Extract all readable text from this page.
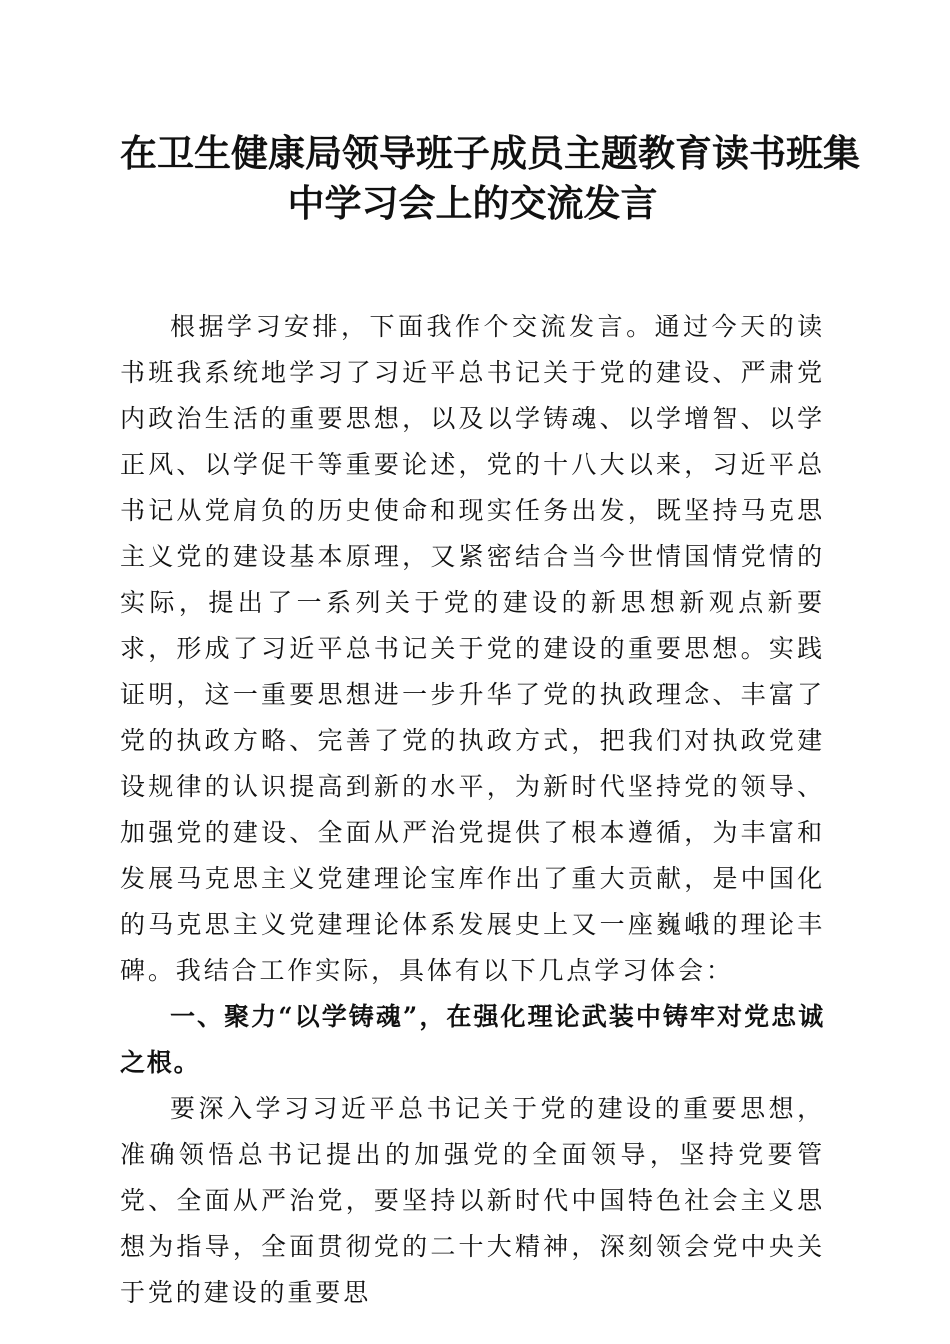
在卫生健康局领导班子成员主题教育读书班集
中学习会上的交流发言

根据学习安排，下面我作个交流发言。通过今天的读书班我系统地学习了习近平总书记关于党的建设、严肃党内政治生活的重要思想，以及以学铸魂、以学增智、以学正风、以学促干等重要论述，党的十八大以来，习近平总书记从党肩负的历史使命和现实任务出发，既坚持马克思主义党的建设基本原理，又紧密结合当今世情国情党情的实际，提出了一系列关于党的建设的新思想新观点新要求，形成了习近平总书记关于党的建设的重要思想。实践证明，这一重要思想进一步升华了党的执政理念、丰富了党的执政方略、完善了党的执政方式，把我们对执政党建设规律的认识提高到新的水平，为新时代坚持党的领导、加强党的建设、全面从严治党提供了根本遵循，为丰富和发展马克思主义党建理论宝库作出了重大贡献，是中国化的马克思主义党建理论体系发展史上又一座巍峨的理论丰碑。我结合工作实际，具体有以下几点学习体会：

一、聚力“以学铸魂”，在强化理论武装中铸牢对党忠诚之根。

要深入学习习近平总书记关于党的建设的重要思想，准确领悟总书记提出的加强党的全面领导，坚持党要管党、全面从严治党，要坚持以新时代中国特色社会主义思想为指导，全面贯彻党的二十大精神，深刻领会党中央关于党的建设的重要思
